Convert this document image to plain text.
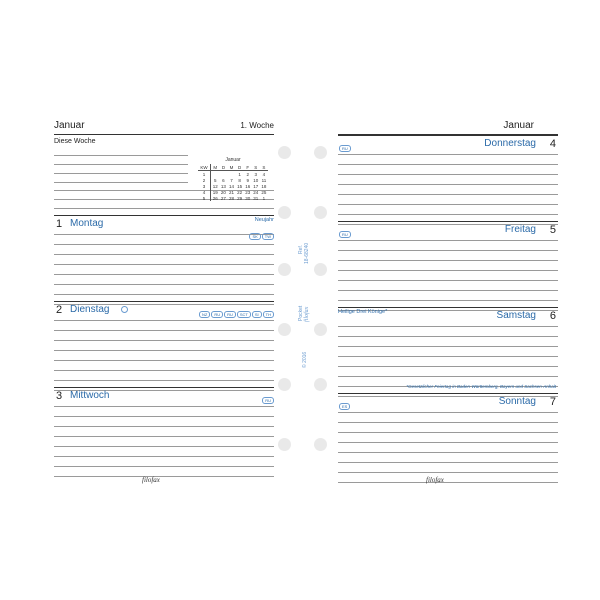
Januar	1. Woche
Diese Woche
Januar
KW	M	D	M	D	F	S	S
1				1	2	3	4
2	5	6	7	8	9	10	11
3	12	13	14	15	16	17	18
4	19	20	21	22	23	24	25
5	26	27	28	29	30	31	1
1 Montag	Neujahr
SK TW
2 Dienstag	NZ RU RU SCT SI TH
3 Mittwoch	RU
filofax
Ref. 18-68240
Pocket filofax
© 2016
Januar
4
Donnerstag
RU
5
Freitag
RU
6
Samstag
Heilige Drei Könige*
*Gesetzlicher Feiertag in Baden-Württemberg, Bayern und Sachsen-Anhalt
7
Sonntag
ES
filofax
